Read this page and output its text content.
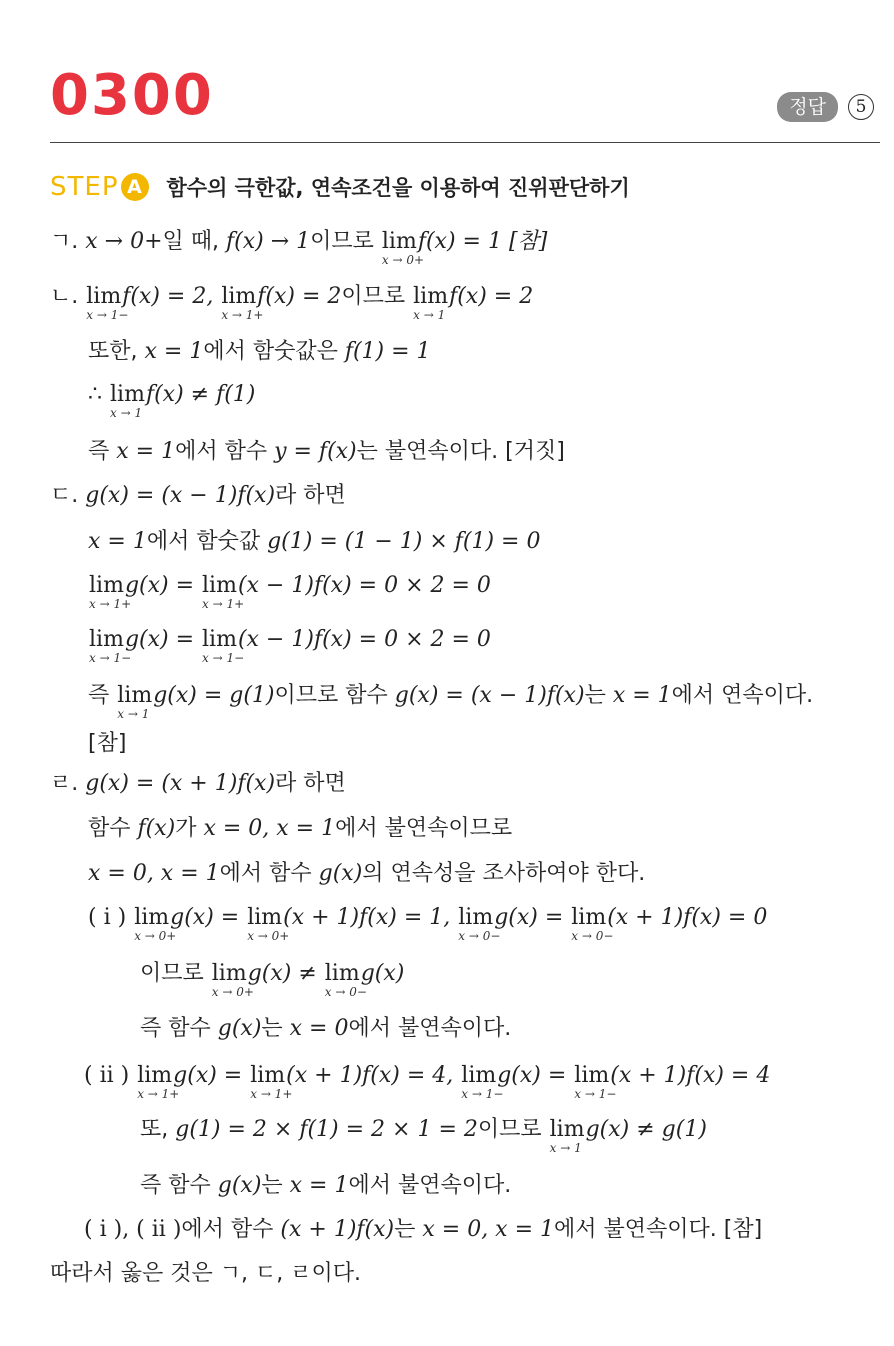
0300	정답	5
STEP A	함수의 극한값, 연속조건을 이용하여 진위판단하기
ㄱ. x → 0+일 때, f(x) → 1이므로 lim
x → 0+
f(x) = 1 [참]
ㄴ. lim
x → 1−
f(x) = 2, lim
x → 1+
f(x) = 2이므로 lim
x → 1
f(x) = 2
또한, x = 1에서 함숫값은 f(1) = 1
∴ lim
x → 1
f(x) ≠ f(1)
즉 x = 1에서 함수 y = f(x)는 불연속이다. [거짓]
ㄷ. g(x) = (x − 1)f(x)라 하면
x = 1에서 함숫값 g(1) = (1 − 1) × f(1) = 0
lim
x → 1+
g(x) = lim
x → 1+
(x − 1)f(x) = 0 × 2 = 0
lim
x → 1−
g(x) = lim
x → 1−
(x − 1)f(x) = 0 × 2 = 0
즉 lim
x → 1
g(x) = g(1)이므로 함수 g(x) = (x − 1)f(x)는 x = 1에서 연속이다.
[참]
ㄹ. g(x) = (x + 1)f(x)라 하면
함수 f(x)가 x = 0, x = 1에서 불연속이므로
x = 0, x = 1에서 함수 g(x)의 연속성을 조사하여야 한다.
( i ) lim
x → 0+
g(x) = lim
x → 0+
(x + 1)f(x) = 1, lim
x → 0−
g(x) = lim
x → 0−
(x + 1)f(x) = 0
이므로 lim
x → 0+
g(x) ≠ lim
x → 0−
g(x)
즉 함수 g(x)는 x = 0에서 불연속이다.
( ii ) lim
x → 1+
g(x) = lim
x → 1+
(x + 1)f(x) = 4, lim
x → 1−
g(x) = lim
x → 1−
(x + 1)f(x) = 4
또, g(1) = 2 × f(1) = 2 × 1 = 2이므로 lim
x → 1
g(x) ≠ g(1)
즉 함수 g(x)는 x = 1에서 불연속이다.
( i ), ( ii )에서 함수 (x + 1)f(x)는 x = 0, x = 1에서 불연속이다. [참]
따라서 옳은 것은 ㄱ, ㄷ, ㄹ이다.
